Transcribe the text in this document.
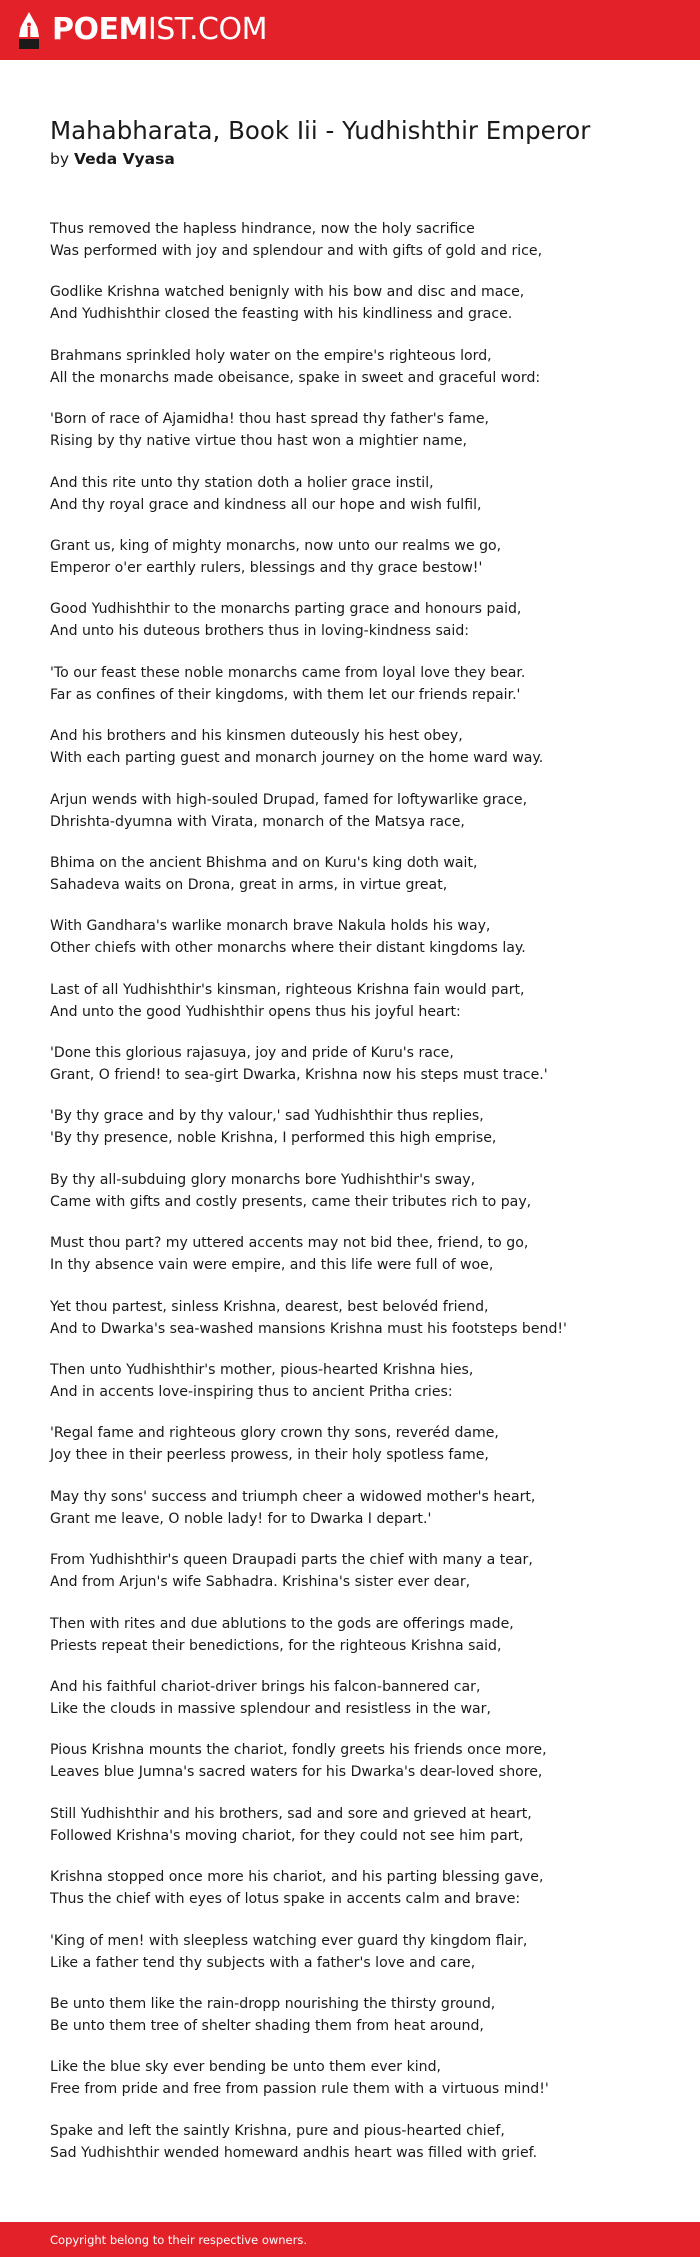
POEMIST.COM
Mahabharata, Book Iii - Yudhishthir Emperor
by Veda Vyasa

Thus removed the hapless hindrance, now the holy sacrifice
Was performed with joy and splendour and with gifts of gold and rice,

Godlike Krishna watched benignly with his bow and disc and mace,
And Yudhishthir closed the feasting with his kindliness and grace.

Brahmans sprinkled holy water on the empire's righteous lord,
All the monarchs made obeisance, spake in sweet and graceful word:

'Born of race of Ajamidha! thou hast spread thy father's fame,
Rising by thy native virtue thou hast won a mightier name,

And this rite unto thy station doth a holier grace instil,
And thy royal grace and kindness all our hope and wish fulfil,

Grant us, king of mighty monarchs, now unto our realms we go,
Emperor o'er earthly rulers, blessings and thy grace bestow!'

Good Yudhishthir to the monarchs parting grace and honours paid,
And unto his duteous brothers thus in loving-kindness said:

'To our feast these noble monarchs came from loyal love they bear.
Far as confines of their kingdoms, with them let our friends repair.'

And his brothers and his kinsmen duteously his hest obey,
With each parting guest and monarch journey on the home ward way.

Arjun wends with high-souled Drupad, famed for loftywarlike grace,
Dhrishta-dyumna with Virata, monarch of the Matsya race,

Bhima on the ancient Bhishma and on Kuru's king doth wait,
Sahadeva waits on Drona, great in arms, in virtue great,

With Gandhara's warlike monarch brave Nakula holds his way,
Other chiefs with other monarchs where their distant kingdoms lay.

Last of all Yudhishthir's kinsman, righteous Krishna fain would part,
And unto the good Yudhishthir opens thus his joyful heart:

'Done this glorious rajasuya, joy and pride of Kuru's race,
Grant, O friend! to sea-girt Dwarka, Krishna now his steps must trace.'

'By thy grace and by thy valour,' sad Yudhishthir thus replies,
'By thy presence, noble Krishna, I performed this high emprise,

By thy all-subduing glory monarchs bore Yudhishthir's sway,
Came with gifts and costly presents, came their tributes rich to pay,

Must thou part? my uttered accents may not bid thee, friend, to go,
In thy absence vain were empire, and this life were full of woe,

Yet thou partest, sinless Krishna, dearest, best belovéd friend,
And to Dwarka's sea-washed mansions Krishna must his footsteps bend!'

Then unto Yudhishthir's mother, pious-hearted Krishna hies,
And in accents love-inspiring thus to ancient Pritha cries:

'Regal fame and righteous glory crown thy sons, reveréd dame,
Joy thee in their peerless prowess, in their holy spotless fame,

May thy sons' success and triumph cheer a widowed mother's heart,
Grant me leave, O noble lady! for to Dwarka I depart.'

From Yudhishthir's queen Draupadi parts the chief with many a tear,
And from Arjun's wife Sabhadra. Krishina's sister ever dear,

Then with rites and due ablutions to the gods are offerings made,
Priests repeat their benedictions, for the righteous Krishna said,

And his faithful chariot-driver brings his falcon-bannered car,
Like the clouds in massive splendour and resistless in the war,

Pious Krishna mounts the chariot, fondly greets his friends once more,
Leaves blue Jumna's sacred waters for his Dwarka's dear-loved shore,

Still Yudhishthir and his brothers, sad and sore and grieved at heart,
Followed Krishna's moving chariot, for they could not see him part,

Krishna stopped once more his chariot, and his parting blessing gave,
Thus the chief with eyes of lotus spake in accents calm and brave:

'King of men! with sleepless watching ever guard thy kingdom flair,
Like a father tend thy subjects with a father's love and care,

Be unto them like the rain-dropp nourishing the thirsty ground,
Be unto them tree of shelter shading them from heat around,

Like the blue sky ever bending be unto them ever kind,
Free from pride and free from passion rule them with a virtuous mind!'

Spake and left the saintly Krishna, pure and pious-hearted chief,
Sad Yudhishthir wended homeward andhis heart was filled with grief.

Copyright belong to their respective owners.
